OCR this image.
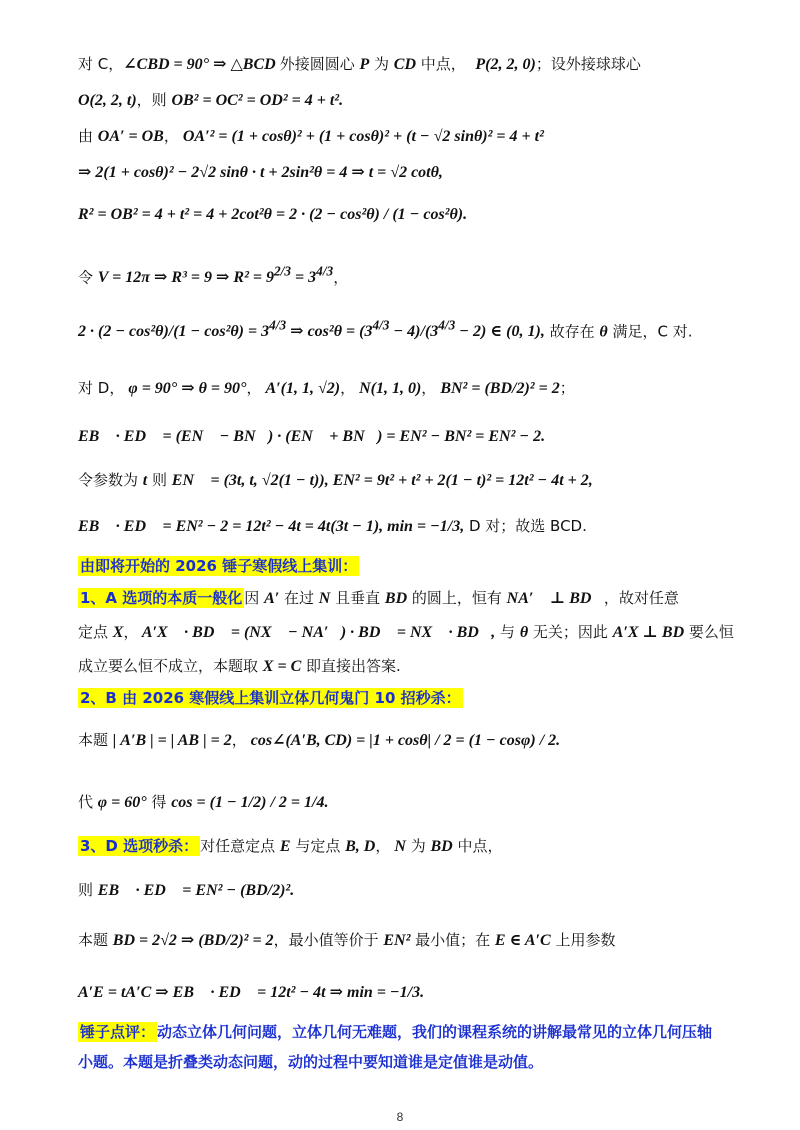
对 C，∠CBD = 90° ⇒ △BCD 外接圆圆心 P 为 CD 中点，  P(2, 2, 0)；设外接球球心
O(2, 2, t)，则 OB² = OC² = OD² = 4 + t².
由 OA′ = OB， OA′² = (1 + cosθ)² + (1 + cosθ)² + (t − √2 sinθ)² = 4 + t²
⇒ 2(1 + cosθ)² − 2√2 sinθ · t + 2sin²θ = 4 ⇒ t = √2 cotθ,
R² = OB² = 4 + t² = 4 + 2cot²θ = 2 · (2 − cos²θ) / (1 − cos²θ).
令 V = 12π ⇒ R³ = 9 ⇒ $R^2 = 9^{2/3} = 3^{4/3}$，
$2 \cdot (2 - \cos^2\theta)/(1 - \cos^2\theta) = 3^{4/3}$ ⇒ $\cos^2\theta = (3^{4/3} - 4)/(3^{4/3} - 2)$ ∈ (0, 1), 故存在 θ 满足，C 对.
对 D， φ = 90° ⇒ θ = 90°， A′(1, 1, √2)， N(1, 1, 0)， BN² = (BD/2)² = 2；
EB⃗ · ED⃗ = (EN⃗ − BN⃗) · (EN⃗ + BN⃗) = EN² − BN² = EN² − 2.
令参数为 t 则 EN⃗ = (3t, t, √2(1 − t)), EN² = 9t² + t² + 2(1 − t)² = 12t² − 4t + 2,
EB⃗ · ED⃗ = EN² − 2 = 12t² − 4t = 4t(3t − 1), min = −1/3, D 对；故选 BCD.
由即将开始的 2026 锤子寒假线上集训：
1、A 选项的本质一般化 因 A′ 在过 N 且垂直 BD 的圆上，恒有 NA′⃗ ⊥ BD⃗，故对任意
定点 X， A′X⃗ · BD⃗ = (NX⃗ − NA′⃗) · BD⃗ = NX⃗ · BD⃗, 与 θ 无关；因此 A′X ⊥ BD 要么恒
成立要么恒不成立，本题取 X = C 即直接出答案.
2、B 由 2026 寒假线上集训立体几何鬼门 10 招秒杀：
本题 | A′B | = | AB | = 2， cos∠(A′B, CD) = |1 + cosθ| / 2 = (1 − cosφ) / 2.
代 φ = 60° 得 cos = (1 − 1/2) / 2 = 1/4.
3、D 选项秒杀： 对任意定点 E 与定点 B, D， N 为 BD 中点，
则 EB⃗ · ED⃗ = EN² − (BD/2)².
本题 BD = 2√2 ⇒ (BD/2)² = 2，最小值等价于 EN² 最小值；在 E ∈ A′C 上用参数
A′E = tA′C ⇒ EB⃗ · ED⃗ = 12t² − 4t ⇒ min = −1/3.
锤子点评： 动态立体几何问题，立体几何无难题，我们的课程系统的讲解最常见的立体几何压轴
小题。本题是折叠类动态问题，动的过程中要知道谁是定值谁是动值。
8
